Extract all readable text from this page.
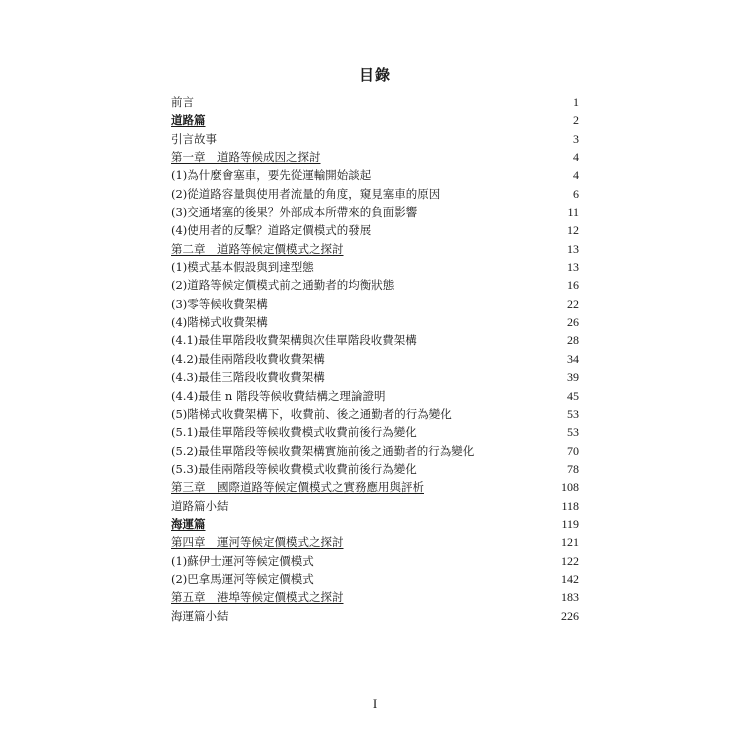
目錄
前言	1
道路篇	2
引言故事	3
第一章　道路等候成因之探討	4
(1)為什麼會塞車，要先從運輸開始談起	4
(2)從道路容量與使用者流量的角度，窺見塞車的原因	6
(3)交通堵塞的後果？外部成本所帶來的負面影響	11
(4)使用者的反擊？道路定價模式的發展	12
第二章　道路等候定價模式之探討	13
(1)模式基本假設與到達型態	13
(2)道路等候定價模式前之通勤者的均衡狀態	16
(3)零等候收費架構	22
(4)階梯式收費架構	26
(4.1)最佳單階段收費架構與次佳單階段收費架構	28
(4.2)最佳兩階段收費收費架構	34
(4.3)最佳三階段收費收費架構	39
(4.4)最佳 n 階段等候收費結構之理論證明	45
(5)階梯式收費架構下，收費前、後之通勤者的行為變化	53
(5.1)最佳單階段等候收費模式收費前後行為變化	53
(5.2)最佳單階段等候收費架構實施前後之通勤者的行為變化	70
(5.3)最佳兩階段等候收費模式收費前後行為變化	78
第三章　國際道路等候定價模式之實務應用與評析	108
道路篇小結	118
海運篇	119
第四章　運河等候定價模式之探討	121
(1)蘇伊士運河等候定價模式	122
(2)巴拿馬運河等候定價模式	142
第五章　港埠等候定價模式之探討	183
海運篇小結	226
I
